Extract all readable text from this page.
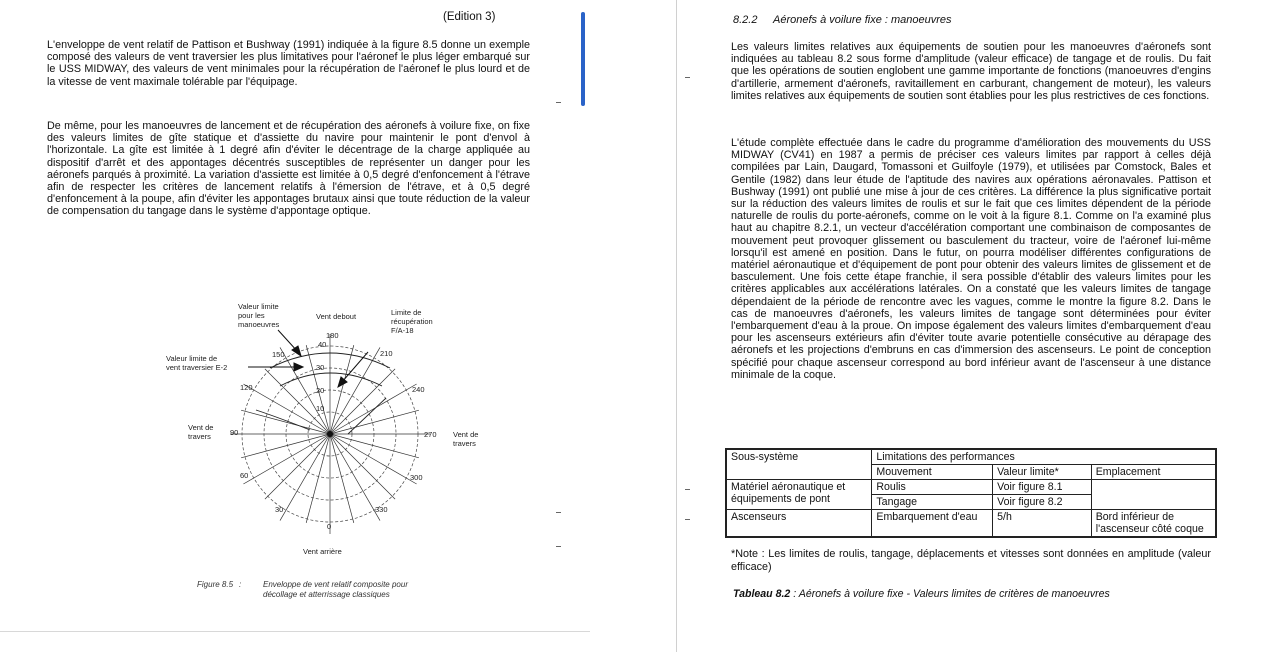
(Edition 3)
L'enveloppe de vent relatif de Pattison et Bushway (1991) indiquée à la figure 8.5 donne un exemple composé des valeurs de vent traversier les plus limitatives pour l'aéronef le plus léger embarqué sur le USS MIDWAY, des valeurs de vent minimales pour la récupération de l'aéronef le plus lourd et de la vitesse de vent maximale tolérable par l'équipage.
De même, pour les manoeuvres de lancement et de récupération des aéronefs à voilure fixe, on fixe des valeurs limites de gîte statique et d'assiette du navire pour maintenir le pont d'envol à l'horizontale. La gîte est limitée à 1 degré afin d'éviter le décentrage de la charge appliquée au dispositif d'arrêt et des appontages décentrés susceptibles de représenter un danger pour les aéronefs parqués à proximité. La variation d'assiette est limitée à 0,5 degré d'enfoncement à l'étrave afin de respecter les critères de lancement relatifs à l'émersion de l'étrave, et à 0,5 degré d'enfoncement à la poupe, afin d'éviter les appontages brutaux ainsi que toute réduction de la valeur de compensation du tangage dans le système d'appontage optique.
180
210
240
270
300
330
0
30
60
90
120
150
10
20
30
40
Valeur limite
pour les
manoeuvres
Vent debout	Limite de
récupération
F/A-18
Valeur limite de
vent traversier E-2
Vent de
travers	Vent de
travers
Vent arrière
Figure 8.5 :	Enveloppe de vent relatif composite pour
décollage et atterrissage classiques
8.2.2 Aéronefs à voilure fixe : manoeuvres
Les valeurs limites relatives aux équipements de soutien pour les manoeuvres d'aéronefs sont indiquées au tableau 8.2 sous forme d'amplitude (valeur efficace) de tangage et de roulis. Du fait que les opérations de soutien englobent une gamme importante de fonctions (manoeuvres d'engins d'artillerie, armement d'aéronefs, ravitaillement en carburant, changement de moteur), les valeurs limites relatives aux équipements de soutien sont établies pour les plus restrictives de ces fonctions.
L'étude complète effectuée dans le cadre du programme d'amélioration des mouvements du USS MIDWAY (CV41) en 1987 a permis de préciser ces valeurs limites par rapport à celles déjà compilées par Lain, Daugard, Tomassoni et Guilfoyle (1979), et utilisées par Comstock, Bales et Gentile (1982) dans leur étude de l'aptitude des navires aux opérations aéronavales. Pattison et Bushway (1991) ont publié une mise à jour de ces critères. La différence la plus significative portait sur la réduction des valeurs limites de roulis et sur le fait que ces limites dépendent de la période naturelle de roulis du porte-aéronefs, comme on le voit à la figure 8.1. Comme on l'a examiné plus haut au chapitre 8.2.1, un vecteur d'accélération comportant une combinaison de composantes de mouvement peut provoquer glissement ou basculement du tracteur, voire de l'aéronef lui-même lorsqu'il est amené en position. Dans le futur, on pourra modéliser différentes configurations de matériel aéronautique et d'équipement de pont pour obtenir des valeurs limites de glissement et de basculement. Une fois cette étape franchie, il sera possible d'établir des valeurs limites pour les critères applicables aux accélérations latérales. On a constaté que les valeurs limites de tangage dépendaient de la période de rencontre avec les vagues, comme le montre la figure 8.2. Dans le cas de manoeuvres d'aéronefs, les valeurs limites de tangage sont déterminées pour éviter l'embarquement d'eau à la proue. On impose également des valeurs limites d'embarquement d'eau pour les ascenseurs extérieurs afin d'éviter toute avarie potentielle consécutive au dérapage des aéronefs et les projections d'embruns en cas d'immersion des ascenseurs. Le point de conception spécifié pour chaque ascenseur correspond au bord inférieur avant de l'ascenseur à une distance minimale de la coque.
Sous-système	Limitations des performances		
	Mouvement	Valeur limite*	Emplacement
Matériel aéronautique et équipements de pont	Roulis	Voir figure 8.1	
	Tangage	Voir figure 8.2	
Ascenseurs	Embarquement d'eau	5/h	Bord inférieur de l'ascenseur côté coque
*Note : Les limites de roulis, tangage, déplacements et vitesses sont données en amplitude (valeur efficace)
Tableau 8.2 : Aéronefs à voilure fixe - Valeurs limites de critères de manoeuvres
